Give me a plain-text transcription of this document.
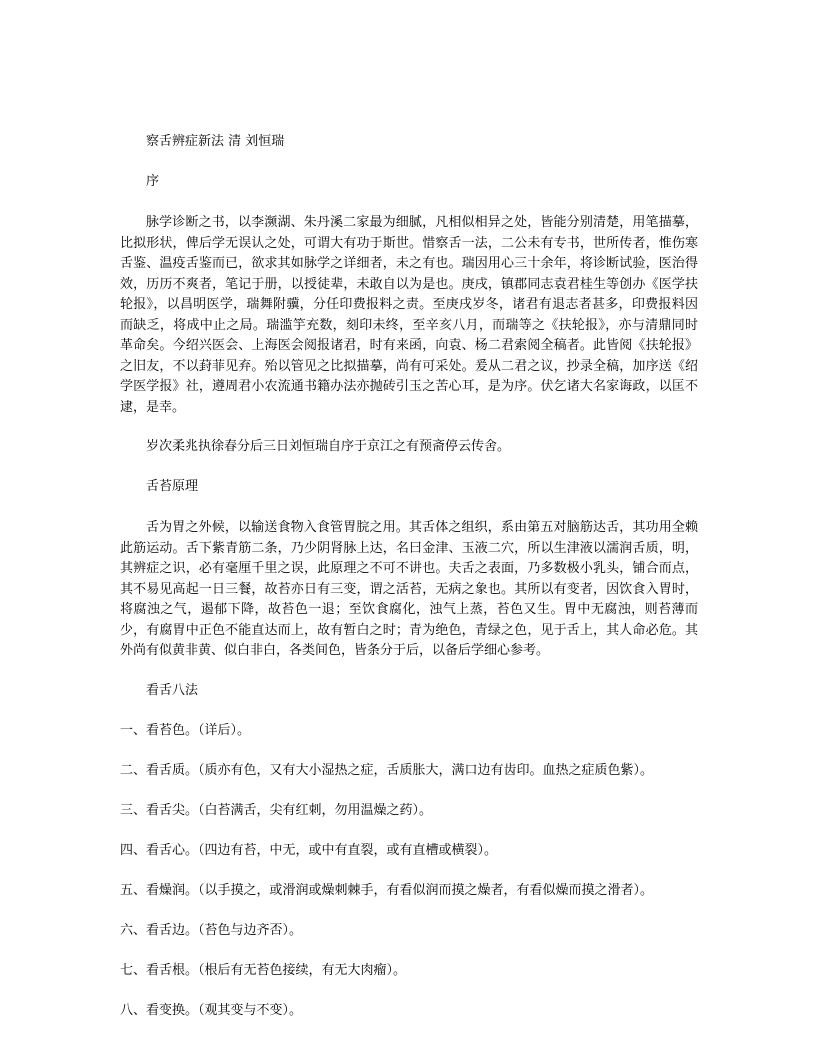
察舌辨症新法 清 刘恒瑞

序

脉学诊断之书，以李濒湖、朱丹溪二家最为细腻，凡相似相异之处，皆能分别清楚，用笔描摹，比拟形状，俾后学无误认之处，可谓大有功于斯世。惜察舌一法，二公未有专书，世所传者，惟伤寒舌鉴、温疫舌鉴而已，欲求其如脉学之详细者，未之有也。瑞因用心三十余年，将诊断试验，医治得效，历历不爽者，笔记于册，以授徒辈，未敢自以为是也。庚戌，镇郡同志袁君桂生等创办《医学扶轮报》，以昌明医学，瑞舞附骥，分任印费报料之责。至庚戌岁冬，诸君有退志者甚多，印费报料因而缺乏，将成中止之局。瑞滥竽充数，刻印未终，至辛亥八月，而瑞等之《扶轮报》，亦与清鼎同时革命矣。今绍兴医会、上海医会阅报诸君，时有来函，向袁、杨二君索阅全稿者。此皆阅《扶轮报》之旧友，不以葑菲见弃。殆以管见之比拟描摹，尚有可采处。爰从二君之议，抄录全稿，加序送《绍学医学报》社，遵周君小农流通书籍办法亦抛砖引玉之苦心耳，是为序。伏乞诸大名家诲政，以匡不逮，是幸。

岁次柔兆执徐春分后三日刘恒瑞自序于京江之有预斋停云传舍。

舌苔原理

舌为胃之外候，以输送食物入食管胃脘之用。其舌体之组织，系由第五对脑筋达舌，其功用全赖此筋运动。舌下紫青筋二条，乃少阴肾脉上达，名曰金津、玉液二穴，所以生津液以濡润舌质，明，其辨症之识，必有毫厘千里之误，此原理之不可不讲也。夫舌之表面，乃多数极小乳头，铺合而点，其不易见高起一日三餐，故苔亦日有三变，谓之活苔，无病之象也。其所以有变者，因饮食入胃时，将腐浊之气，遏郁下降，故苔色一退；至饮食腐化，浊气上蒸，苔色又生。胃中无腐浊，则苔薄而少，有腐胃中正色不能直达而上，故有暂白之时；青为绝色，青绿之色，见于舌上，其人命必危。其外尚有似黄非黄、似白非白，各类间色，皆条分于后，以备后学细心参考。

看舌八法

一、看苔色。（详后）。

二、看舌质。（质亦有色，又有大小湿热之症，舌质胀大，满口边有齿印。血热之症质色紫）。

三、看舌尖。（白苔满舌，尖有红刺，勿用温燥之药）。

四、看舌心。（四边有苔，中无，或中有直裂，或有直槽或横裂）。

五、看燥润。（以手摸之，或滑润或燥刺棘手，有看似润而摸之燥者，有看似燥而摸之滑者）。

六、看舌边。（苔色与边齐否）。

七、看舌根。（根后有无苔色接续，有无大肉瘤）。

八、看变换。（观其变与不变）。
